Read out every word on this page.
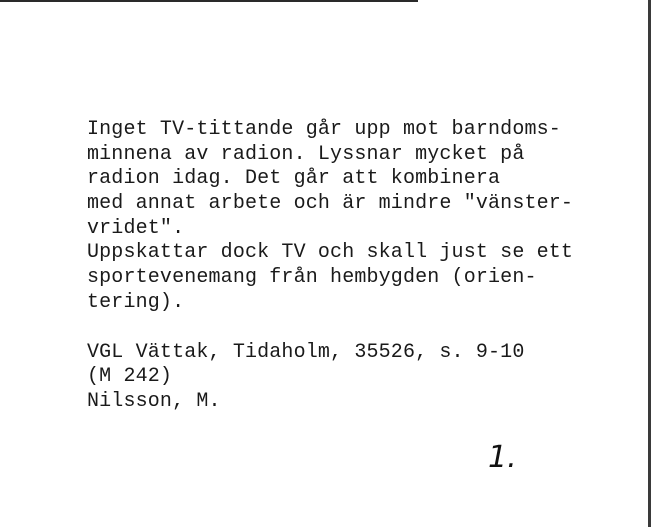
Inget TV-tittande går upp mot barndoms-
minnena av radion. Lyssnar mycket på
radion idag. Det går att kombinera
med annat arbete och är mindre "vänster-
vridet".
Uppskattar dock TV och skall just se ett
sportevenemang från hembygden (orien-
tering).
VGL Vättak, Tidaholm, 35526, s. 9-10
(M 242)
Nilsson, M.
1.
